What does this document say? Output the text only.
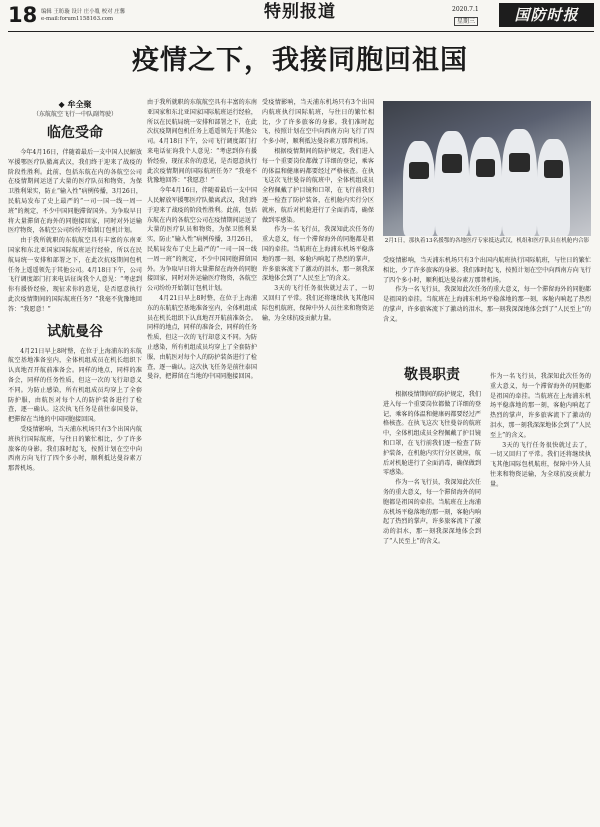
18 编辑 王昉璇 设计 庄小胤 校对 庄馨
e-mail:forum1158163.com	特别报道	2020.7.1
星期三	国防时报
疫情之下，我接同胞回祖国

◆ 牟全聚

（东航航空飞行一中队副驾驶）

临危受命

今年4月16日，伴随着最后一支中国人民解放军援鄂医疗队撤离武汉，我们终于迎来了战疫的阶段性胜利。此前，包括东航在内的各航空公司在疫情期间运送了大量的医疗队员和物资，为保卫胜利果实，防止“输入性”病例传播，3月26日，民航局发布了史上最严的“一司一国一线一周一班”的规定，不少中国同胞滞留国外。为争取早日将大量滞留在海外的同胞接回家，同时对外运输医疗物资，各航空公司纷纷开始制订包机计划。

由于我所就职的东航航空具有丰富的东南亚国家和东北亚国家国际航班运行经验，所以在民航局统一安排和部署之下，在此次抗疫期间包机任务上遥遥领先于其他公司。4月18日下午，公司飞行调度部门打来电话征询我个人意见：“考虑到你有援侨经验，现征求你的意见，是否愿意执行此次疫情期间的国际航班任务？”我毫不犹豫地回答：“我愿意！”

试航曼谷

4月21日早上8时整，在位于上海浦东的东航航空基地准备室内，全体机组成员在机长组织下认真地召开航前准备会。同样的地点，同样的准备会，同样的任务性质，但这一次的飞行却意义不同。为防止感染，所有机组成员均穿上了全套防护服，由航医对每个人的防护装备进行了检查，逐一确认。这次执飞任务是前往泰国曼谷，把滞留在当地的中国同胞接回国。

受疫情影响，当天浦东机场只有3个出国内航班执行国际航班，与往日的繁忙相比，少了许多旅客的身影。我们准时起飞，按照计划在空中向西南方向飞行了四个多小时，顺利抵达曼谷素万那普机场。

由于我所就职的东航航空具有丰富的东南亚国家和东北亚国家国际航班运行经验，所以在民航局统一安排和部署之下，在此次抗疫期间包机任务上遥遥领先于其他公司。4月18日下午，公司飞行调度部门打来电话征询我个人意见：“考虑到你有援侨经验，现征求你的意见，是否愿意执行此次疫情期间的国际航班任务？”我毫不犹豫地回答：“我愿意！”

今年4月16日，伴随着最后一支中国人民解放军援鄂医疗队撤离武汉，我们终于迎来了战疫的阶段性胜利。此前，包括东航在内的各航空公司在疫情期间运送了大量的医疗队员和物资，为保卫胜利果实，防止“输入性”病例传播，3月26日，民航局发布了史上最严的“一司一国一线一周一班”的规定，不少中国同胞滞留国外。为争取早日将大量滞留在海外的同胞接回家，同时对外运输医疗物资，各航空公司纷纷开始制订包机计划。

4月21日早上8时整，在位于上海浦东的东航航空基地准备室内，全体机组成员在机长组织下认真地召开航前准备会。同样的地点，同样的准备会，同样的任务性质，但这一次的飞行却意义不同。为防止感染，所有机组成员均穿上了全套防护服，由航医对每个人的防护装备进行了检查，逐一确认。这次执飞任务是前往泰国曼谷，把滞留在当地的中国同胞接回国。

受疫情影响，当天浦东机场只有3个出国内航班执行国际航班，与往日的繁忙相比，少了许多旅客的身影。我们准时起飞，按照计划在空中向西南方向飞行了四个多小时，顺利抵达曼谷素万那普机场。

根据疫情期间的防护规定，我们进入每一个重要岗位都做了详细的登记，乘客的体温和健康码都要经过严格核查。在执飞这次飞往曼谷的航班中，全体机组成员全程佩戴了护目镜和口罩，在飞行前我们逐一检查了防护装备，在机舱内实行分区就座，航后对机舱进行了全面消毒，确保做到零感染。

作为一名飞行员，我深知此次任务的重大意义，每一个滞留海外的同胞都是祖国的牵挂。当航班在上海浦东机场平稳落地的那一刻，客舱内响起了热烈的掌声，许多旅客流下了激动的泪水，那一刻我深深地体会到了“人民至上”的含义。

3天的飞行任务很快就过去了，一切又回归了平常。我们还将继续执飞其他国际包机航班，保障中外人员往来和物资运输，为全球抗疫贡献力量。

2月1日，那执着13名援鄂的各地医疗专家抵达武汉，机组和医疗队员在机舱内合影

受疫情影响，当天浦东机场只有3个出国内航班执行国际航班，与往日的繁忙相比，少了许多旅客的身影。我们准时起飞，按照计划在空中向西南方向飞行了四个多小时，顺利抵达曼谷素万那普机场。

作为一名飞行员，我深知此次任务的重大意义，每一个滞留海外的同胞都是祖国的牵挂。当航班在上海浦东机场平稳落地的那一刻，客舱内响起了热烈的掌声，许多旅客流下了激动的泪水，那一刻我深深地体会到了“人民至上”的含义。

敬畏职责

根据疫情期间的防护规定，我们进入每一个重要岗位都做了详细的登记，乘客的体温和健康码都要经过严格核查。在执飞这次飞往曼谷的航班中，全体机组成员全程佩戴了护目镜和口罩，在飞行前我们逐一检查了防护装备，在机舱内实行分区就座，航后对机舱进行了全面消毒，确保做到零感染。

作为一名飞行员，我深知此次任务的重大意义，每一个滞留海外的同胞都是祖国的牵挂。当航班在上海浦东机场平稳落地的那一刻，客舱内响起了热烈的掌声，许多旅客流下了激动的泪水，那一刻我深深地体会到了“人民至上”的含义。

作为一名飞行员，我深知此次任务的重大意义，每一个滞留海外的同胞都是祖国的牵挂。当航班在上海浦东机场平稳落地的那一刻，客舱内响起了热烈的掌声，许多旅客流下了激动的泪水，那一刻我深深地体会到了“人民至上”的含义。

3天的飞行任务很快就过去了，一切又回归了平常。我们还将继续执飞其他国际包机航班，保障中外人员往来和物资运输，为全球抗疫贡献力量。
